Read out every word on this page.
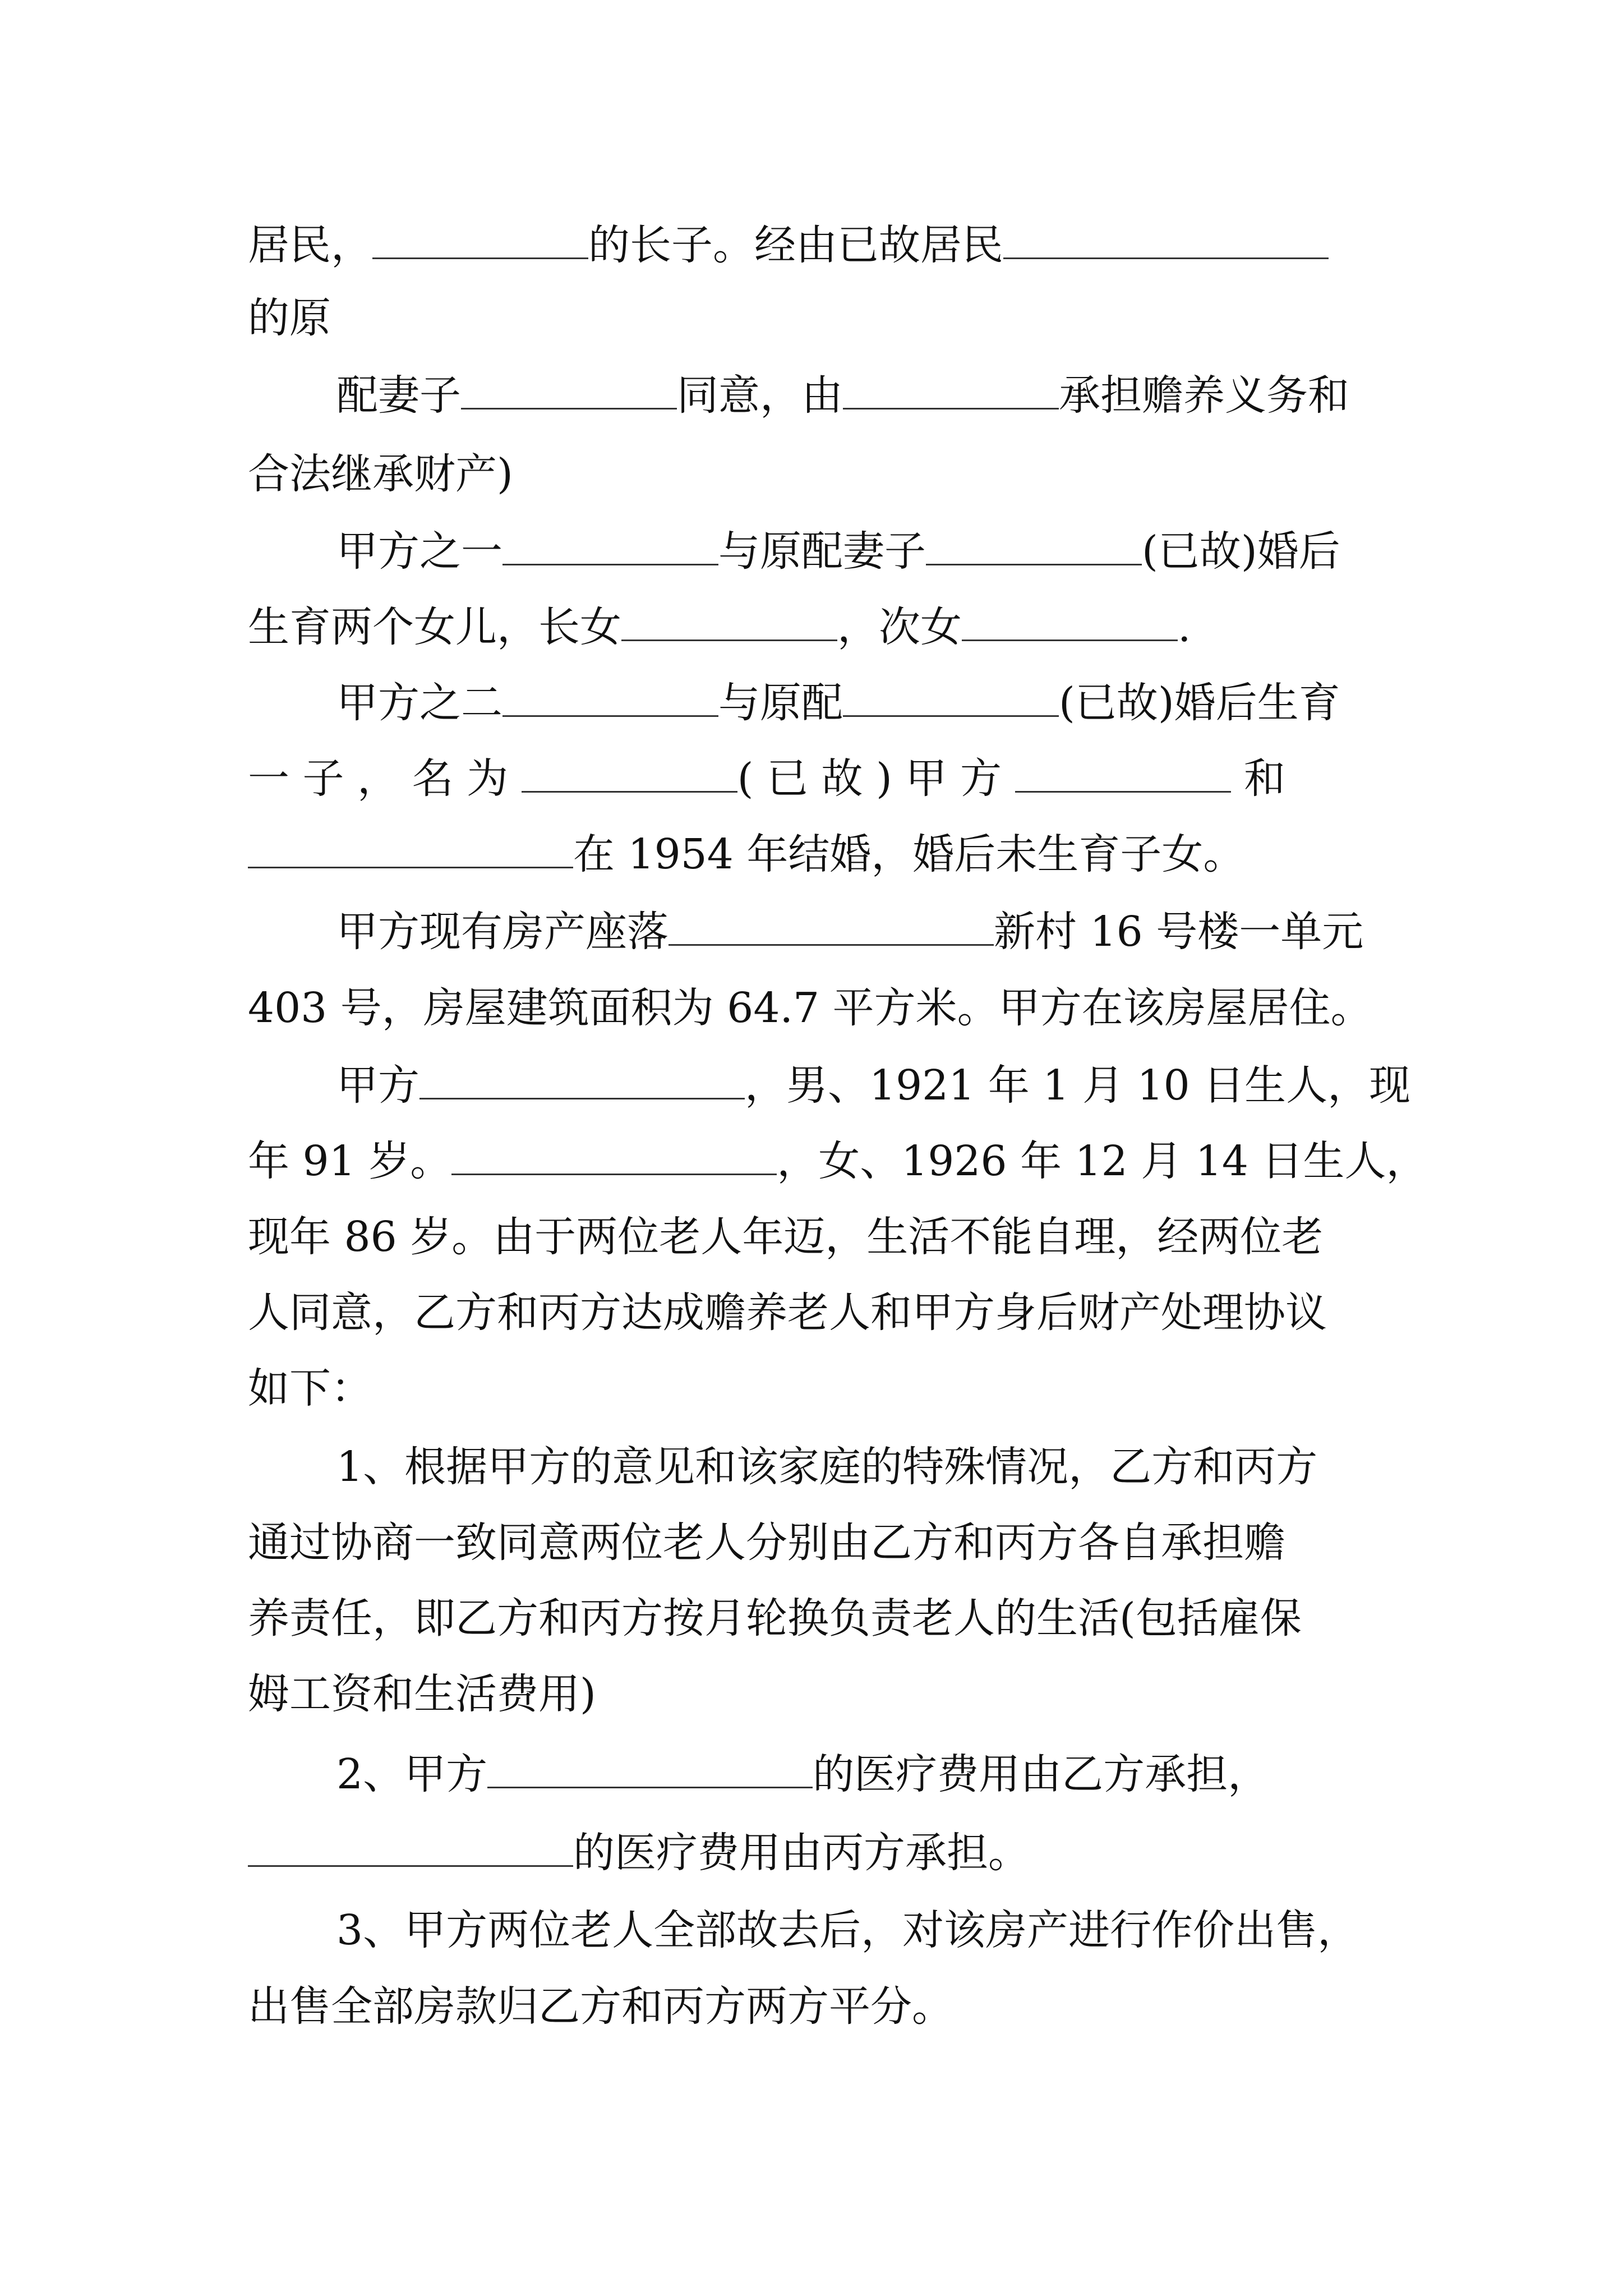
居民，	的长子。经由已故居民

的原

配妻子	同意，由	承担赡养义务和

合法继承财产)

甲方之一	与原配妻子	(已故)婚后

生育两个女儿，长女	，次女	.

甲方之二	与原配	(已故)婚后生育

一 子 ， 名 为	( 已 故 ) 甲 方	和

在 1954 年结婚，婚后未生育子女。

甲方现有房产座落	新村 16 号楼一单元

403 号，房屋建筑面积为 64.7 平方米。甲方在该房屋居住。

甲方	，男、1921 年 1 月 10 日生人，现

年 91 岁。	，女、1926 年 12 月 14 日生人，

现年 86 岁。由于两位老人年迈，生活不能自理，经两位老

人同意，乙方和丙方达成赡养老人和甲方身后财产处理协议

如下：

1、根据甲方的意见和该家庭的特殊情况，乙方和丙方

通过协商一致同意两位老人分别由乙方和丙方各自承担赡

养责任，即乙方和丙方按月轮换负责老人的生活(包括雇保

姆工资和生活费用)

2、甲方	的医疗费用由乙方承担，

的医疗费用由丙方承担。

3、甲方两位老人全部故去后，对该房产进行作价出售，

出售全部房款归乙方和丙方两方平分。
